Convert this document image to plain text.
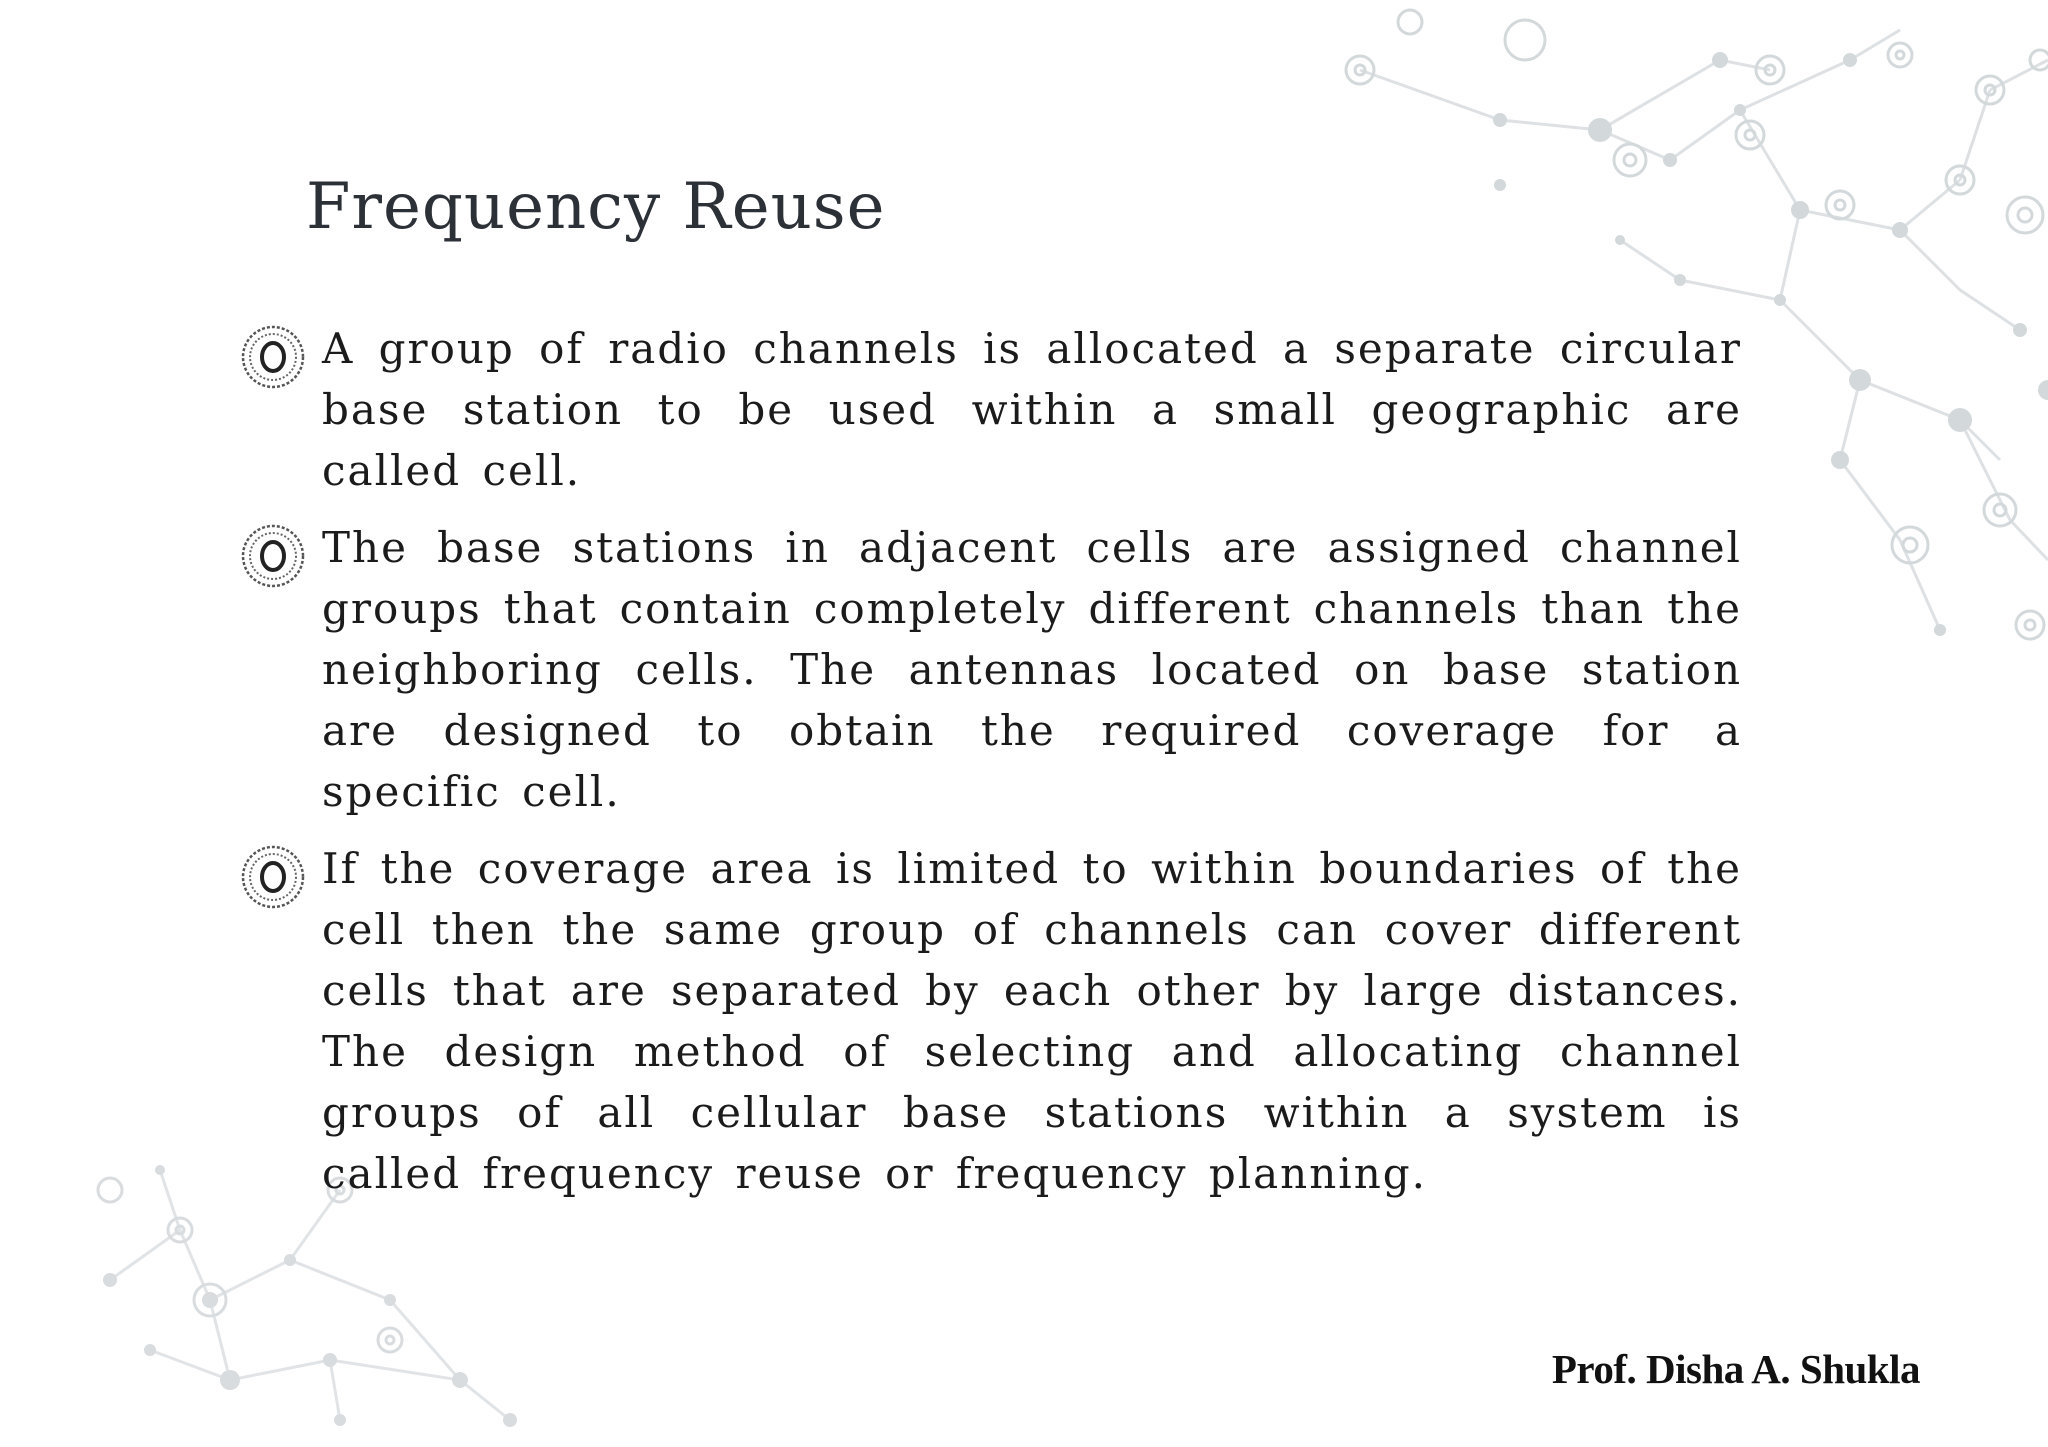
Frequency Reuse
A group of radio channels is allocated a separate circular base station to be used within a small geographic are called cell.
The base stations in adjacent cells are assigned channel groups that contain completely different channels than the neighboring cells. The antennas located on base station are designed to obtain the required coverage for a specific cell.
If the coverage area is limited to within boundaries of the cell then the same group of channels can cover different cells that are separated by each other by large distances. The design method of selecting and allocating channel groups of all cellular base stations within a system is called frequency reuse or frequency planning.
Prof. Disha A. Shukla
